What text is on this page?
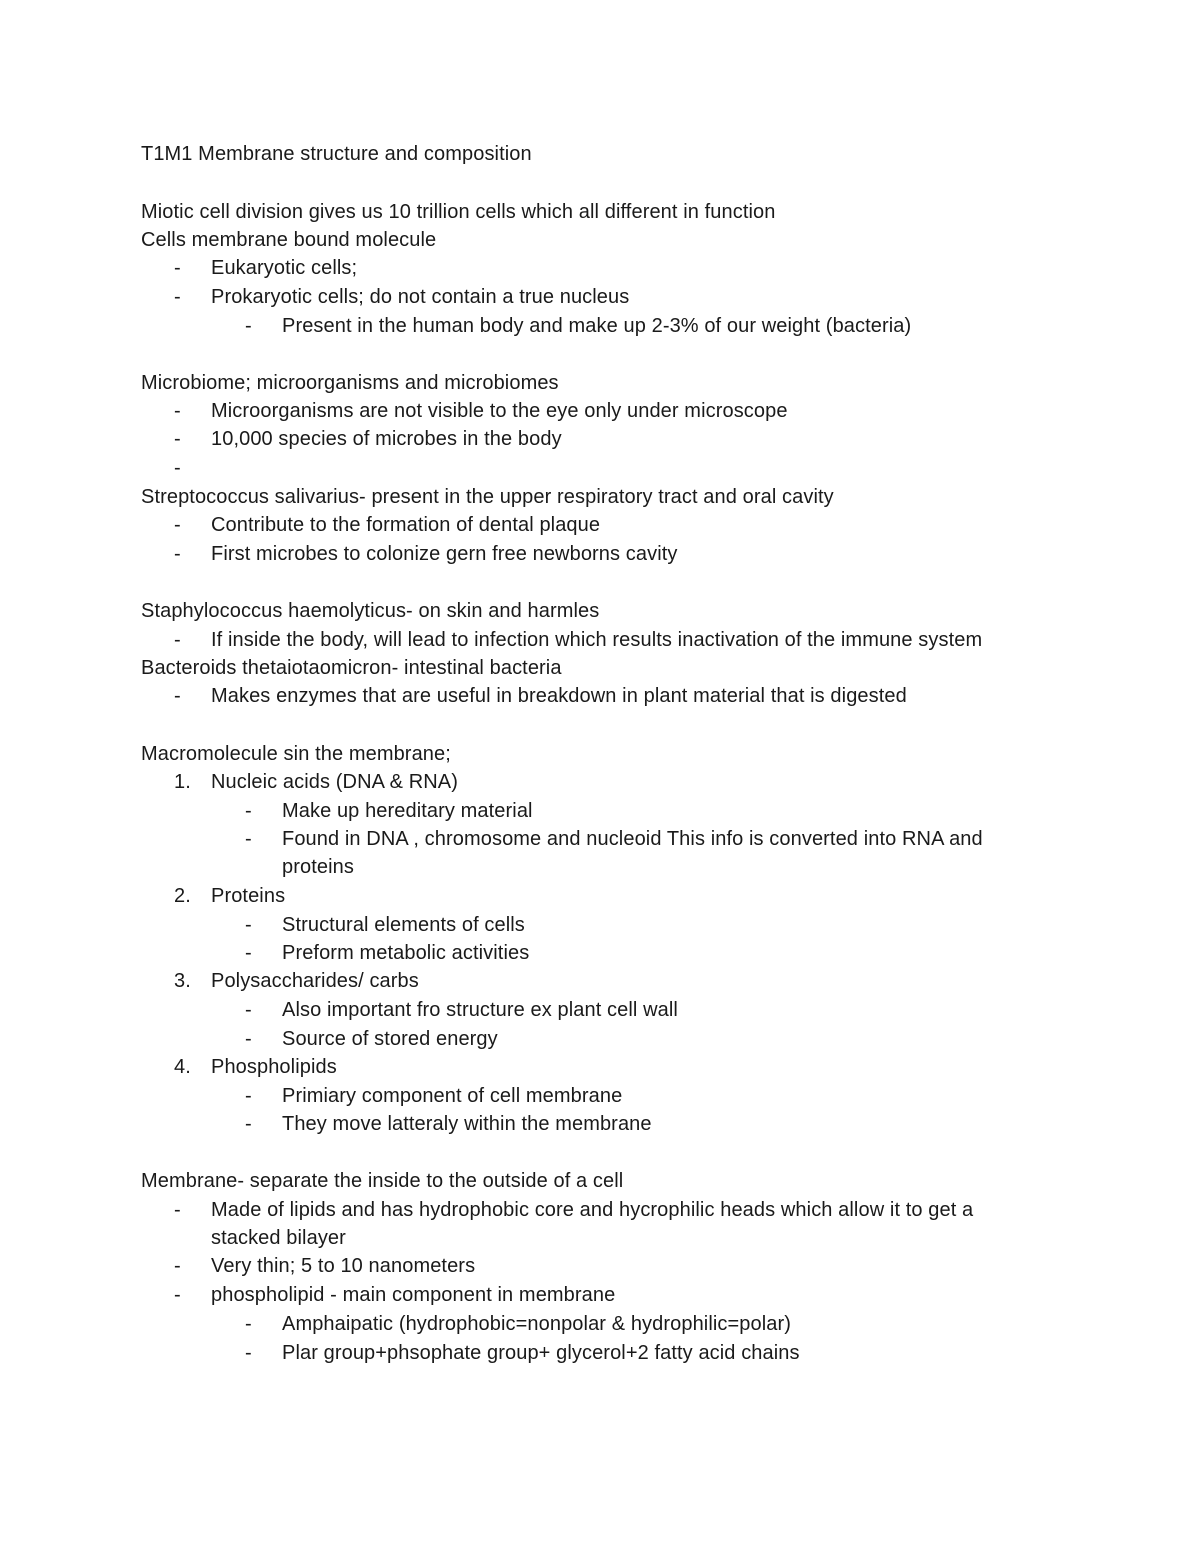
T1M1 Membrane structure and composition
Miotic cell division gives us 10 trillion cells which all different in function
Cells membrane bound molecule
- Eukaryotic cells;
- Prokaryotic cells; do not contain a true nucleus
- Present in the human body and make up 2-3% of our weight (bacteria)
Microbiome; microorganisms and microbiomes
- Microorganisms are not visible to the eye only under microscope
- 10,000 species of microbes in the body
-
Streptococcus salivarius- present in the upper respiratory tract and oral cavity
- Contribute to the formation of dental plaque
- First microbes to colonize gern free newborns cavity
Staphylococcus haemolyticus- on skin and harmles
- If inside the body, will lead to infection which results inactivation of the immune system
Bacteroids thetaiotaomicron- intestinal bacteria
- Makes enzymes that are useful in breakdown in plant material that is digested
Macromolecule sin the membrane;
1. Nucleic acids (DNA & RNA)
- Make up hereditary material
- Found in DNA , chromosome and nucleoid This info is converted into RNA and
proteins
2. Proteins
- Structural elements of cells
- Preform metabolic activities
3. Polysaccharides/ carbs
- Also important fro structure ex plant cell wall
- Source of stored energy
4. Phospholipids
- Primiary component of cell membrane
- They move latteraly within the membrane
Membrane- separate the inside to the outside of a cell
- Made of lipids and has hydrophobic core and hycrophilic heads which allow it to get a
stacked bilayer
- Very thin; 5 to 10 nanometers
- phospholipid - main component in membrane
- Amphaipatic (hydrophobic=nonpolar & hydrophilic=polar)
- Plar group+phsophate group+ glycerol+2 fatty acid chains
